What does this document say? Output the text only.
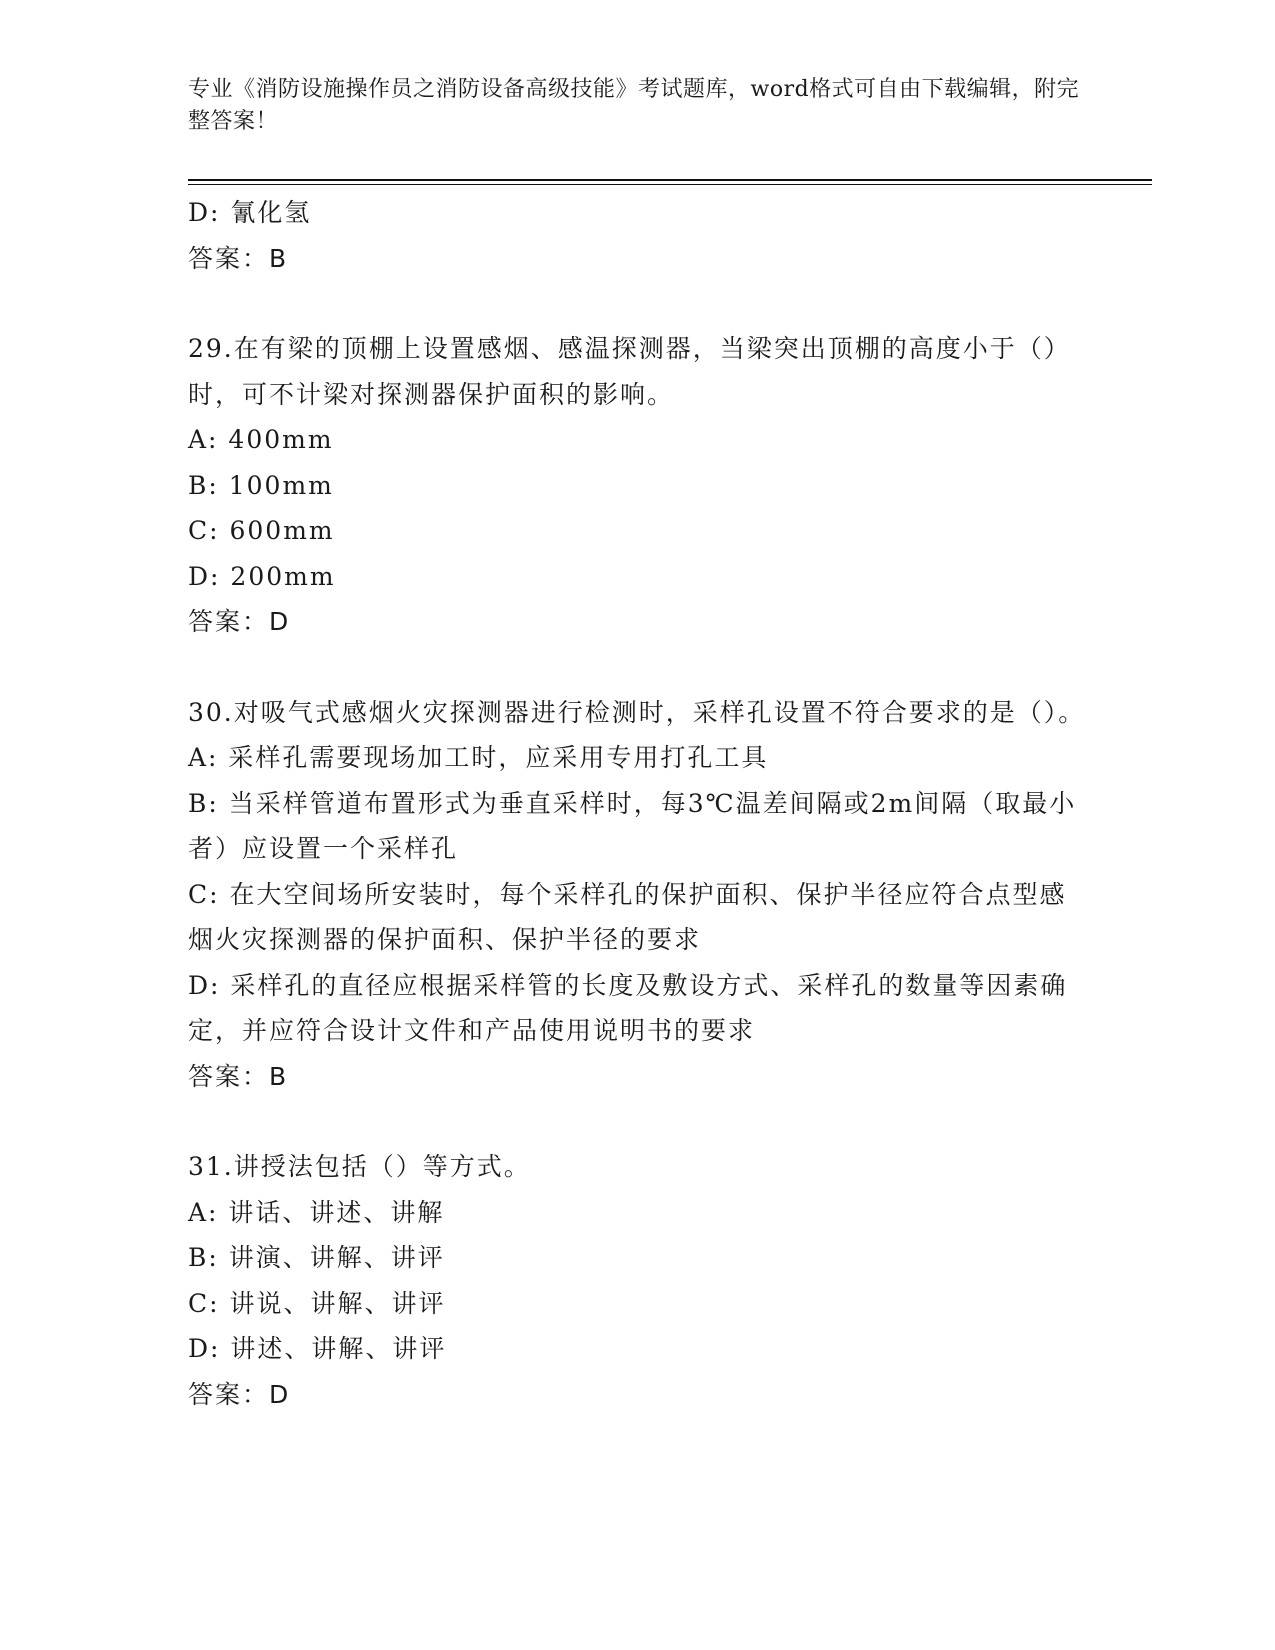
专业《消防设施操作员之消防设备高级技能》考试题库，word格式可自由下载编辑，附完整答案！
D: 氰化氢
答案：B
29.在有梁的顶棚上设置感烟、感温探测器，当梁突出顶棚的高度小于（）时，可不计梁对探测器保护面积的影响。
A: 400mm
B: 100mm
C: 600mm
D: 200mm
答案：D
30.对吸气式感烟火灾探测器进行检测时，采样孔设置不符合要求的是（）。
A: 采样孔需要现场加工时，应采用专用打孔工具
B: 当采样管道布置形式为垂直采样时，每3℃温差间隔或2m间隔（取最小者）应设置一个采样孔
C: 在大空间场所安装时，每个采样孔的保护面积、保护半径应符合点型感烟火灾探测器的保护面积、保护半径的要求
D: 采样孔的直径应根据采样管的长度及敷设方式、采样孔的数量等因素确定，并应符合设计文件和产品使用说明书的要求
答案：B
31.讲授法包括（）等方式。
A: 讲话、讲述、讲解
B: 讲演、讲解、讲评
C: 讲说、讲解、讲评
D: 讲述、讲解、讲评
答案：D
